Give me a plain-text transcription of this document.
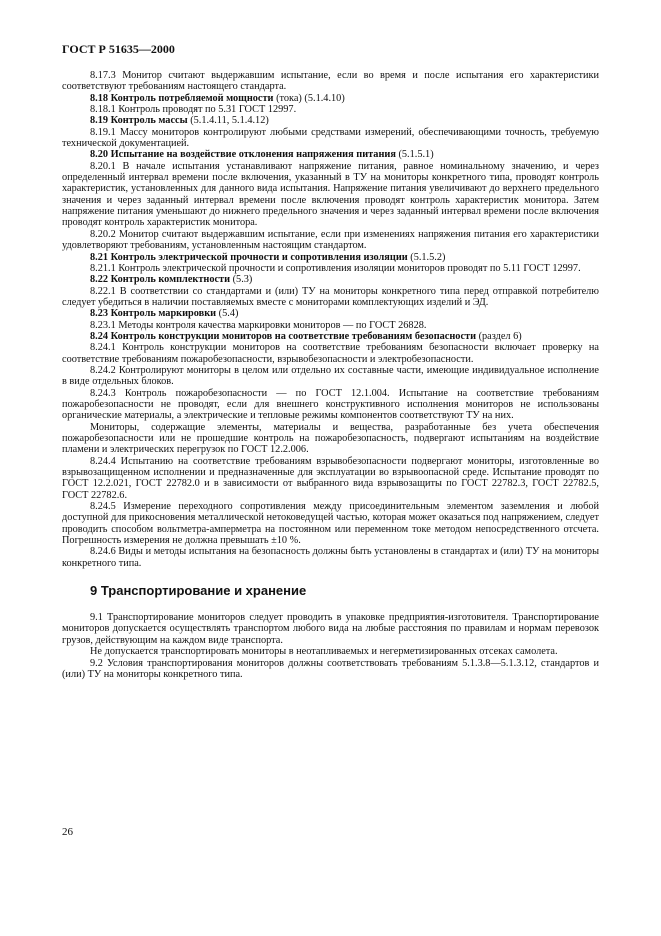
ГОСТ Р 51635—2000

8.17.3 Монитор считают выдержавшим испытание, если во время и после испытания его характеристики соответствуют требованиям настоящего стандарта.

8.18 Контроль потребляемой мощности (тока) (5.1.4.10)

8.18.1 Контроль проводят по 5.31 ГОСТ 12997.

8.19 Контроль массы (5.1.4.11, 5.1.4.12)

8.19.1 Массу мониторов контролируют любыми средствами измерений, обеспечивающими точность, требуемую технической документацией.

8.20 Испытание на воздействие отклонения напряжения питания (5.1.5.1)

8.20.1 В начале испытания устанавливают напряжение питания, равное номинальному значению, и через определенный интервал времени после включения, указанный в ТУ на мониторы конкретного типа, проводят контроль характеристик, установленных для данного вида испытания. Напряжение питания увеличивают до верхнего предельного значения и через заданный интервал времени после включения проводят контроль характеристик монитора. Затем напряжение питания уменьшают до нижнего предельного значения и через заданный интервал времени после включения проводят контроль характеристик монитора.

8.20.2 Монитор считают выдержавшим испытание, если при изменениях напряжения питания его характеристики удовлетворяют требованиям, установленным настоящим стандартом.

8.21 Контроль электрической прочности и сопротивления изоляции (5.1.5.2)

8.21.1 Контроль электрической прочности и сопротивления изоляции мониторов проводят по 5.11 ГОСТ 12997.

8.22 Контроль комплектности (5.3)

8.22.1 В соответствии со стандартами и (или) ТУ на мониторы конкретного типа перед отправкой потребителю следует убедиться в наличии поставляемых вместе с мониторами комплектующих изделий и ЭД.

8.23 Контроль маркировки (5.4)

8.23.1 Методы контроля качества маркировки мониторов — по ГОСТ 26828.

8.24 Контроль конструкции мониторов на соответствие требованиям безопасности (раздел 6)

8.24.1 Контроль конструкции мониторов на соответствие требованиям безопасности включает проверку на соответствие требованиям пожаробезопасности, взрывобезопасности и электробезопасности.

8.24.2 Контролируют мониторы в целом или отдельно их составные части, имеющие индивидуальное исполнение в виде отдельных блоков.

8.24.3 Контроль пожаробезопасности — по ГОСТ 12.1.004. Испытание на соответствие требованиям пожаробезопасности не проводят, если для внешнего конструктивного исполнения мониторов не использованы органические материалы, а электрические и тепловые режимы компонентов соответствуют ТУ на них.

Мониторы, содержащие элементы, материалы и вещества, разработанные без учета обеспечения пожаробезопасности или не прошедшие контроль на пожаробезопасность, подвергают испытаниям на воздействие пламени и электрических перегрузок по ГОСТ 12.2.006.

8.24.4 Испытанию на соответствие требованиям взрывобезопасности подвергают мониторы, изготовленные во взрывозащищенном исполнении и предназначенные для эксплуатации во взрывоопасной среде. Испытание проводят по ГОСТ 12.2.021, ГОСТ 22782.0 и в зависимости от выбранного вида взрывозащиты по ГОСТ 22782.3, ГОСТ 22782.5, ГОСТ 22782.6.

8.24.5 Измерение переходного сопротивления между присоединительным элементом заземления и любой доступной для прикосновения металлической нетоковедущей частью, которая может оказаться под напряжением, следует проводить способом вольтметра-амперметра на постоянном или переменном токе методом непосредственного отсчета. Погрешность измерения не должна превышать ±10 %.

8.24.6 Виды и методы испытания на безопасность должны быть установлены в стандартах и (или) ТУ на мониторы конкретного типа.

9 Транспортирование и хранение

9.1 Транспортирование мониторов следует проводить в упаковке предприятия-изготовителя. Транспортирование мониторов допускается осуществлять транспортом любого вида на любые расстояния по правилам и нормам перевозок грузов, действующим на каждом виде транспорта.

Не допускается транспортировать мониторы в неотапливаемых и негерметизированных отсеках самолета.

9.2 Условия транспортирования мониторов должны соответствовать требованиям 5.1.3.8—5.1.3.12, стандартов и (или) ТУ на мониторы конкретного типа.

26
